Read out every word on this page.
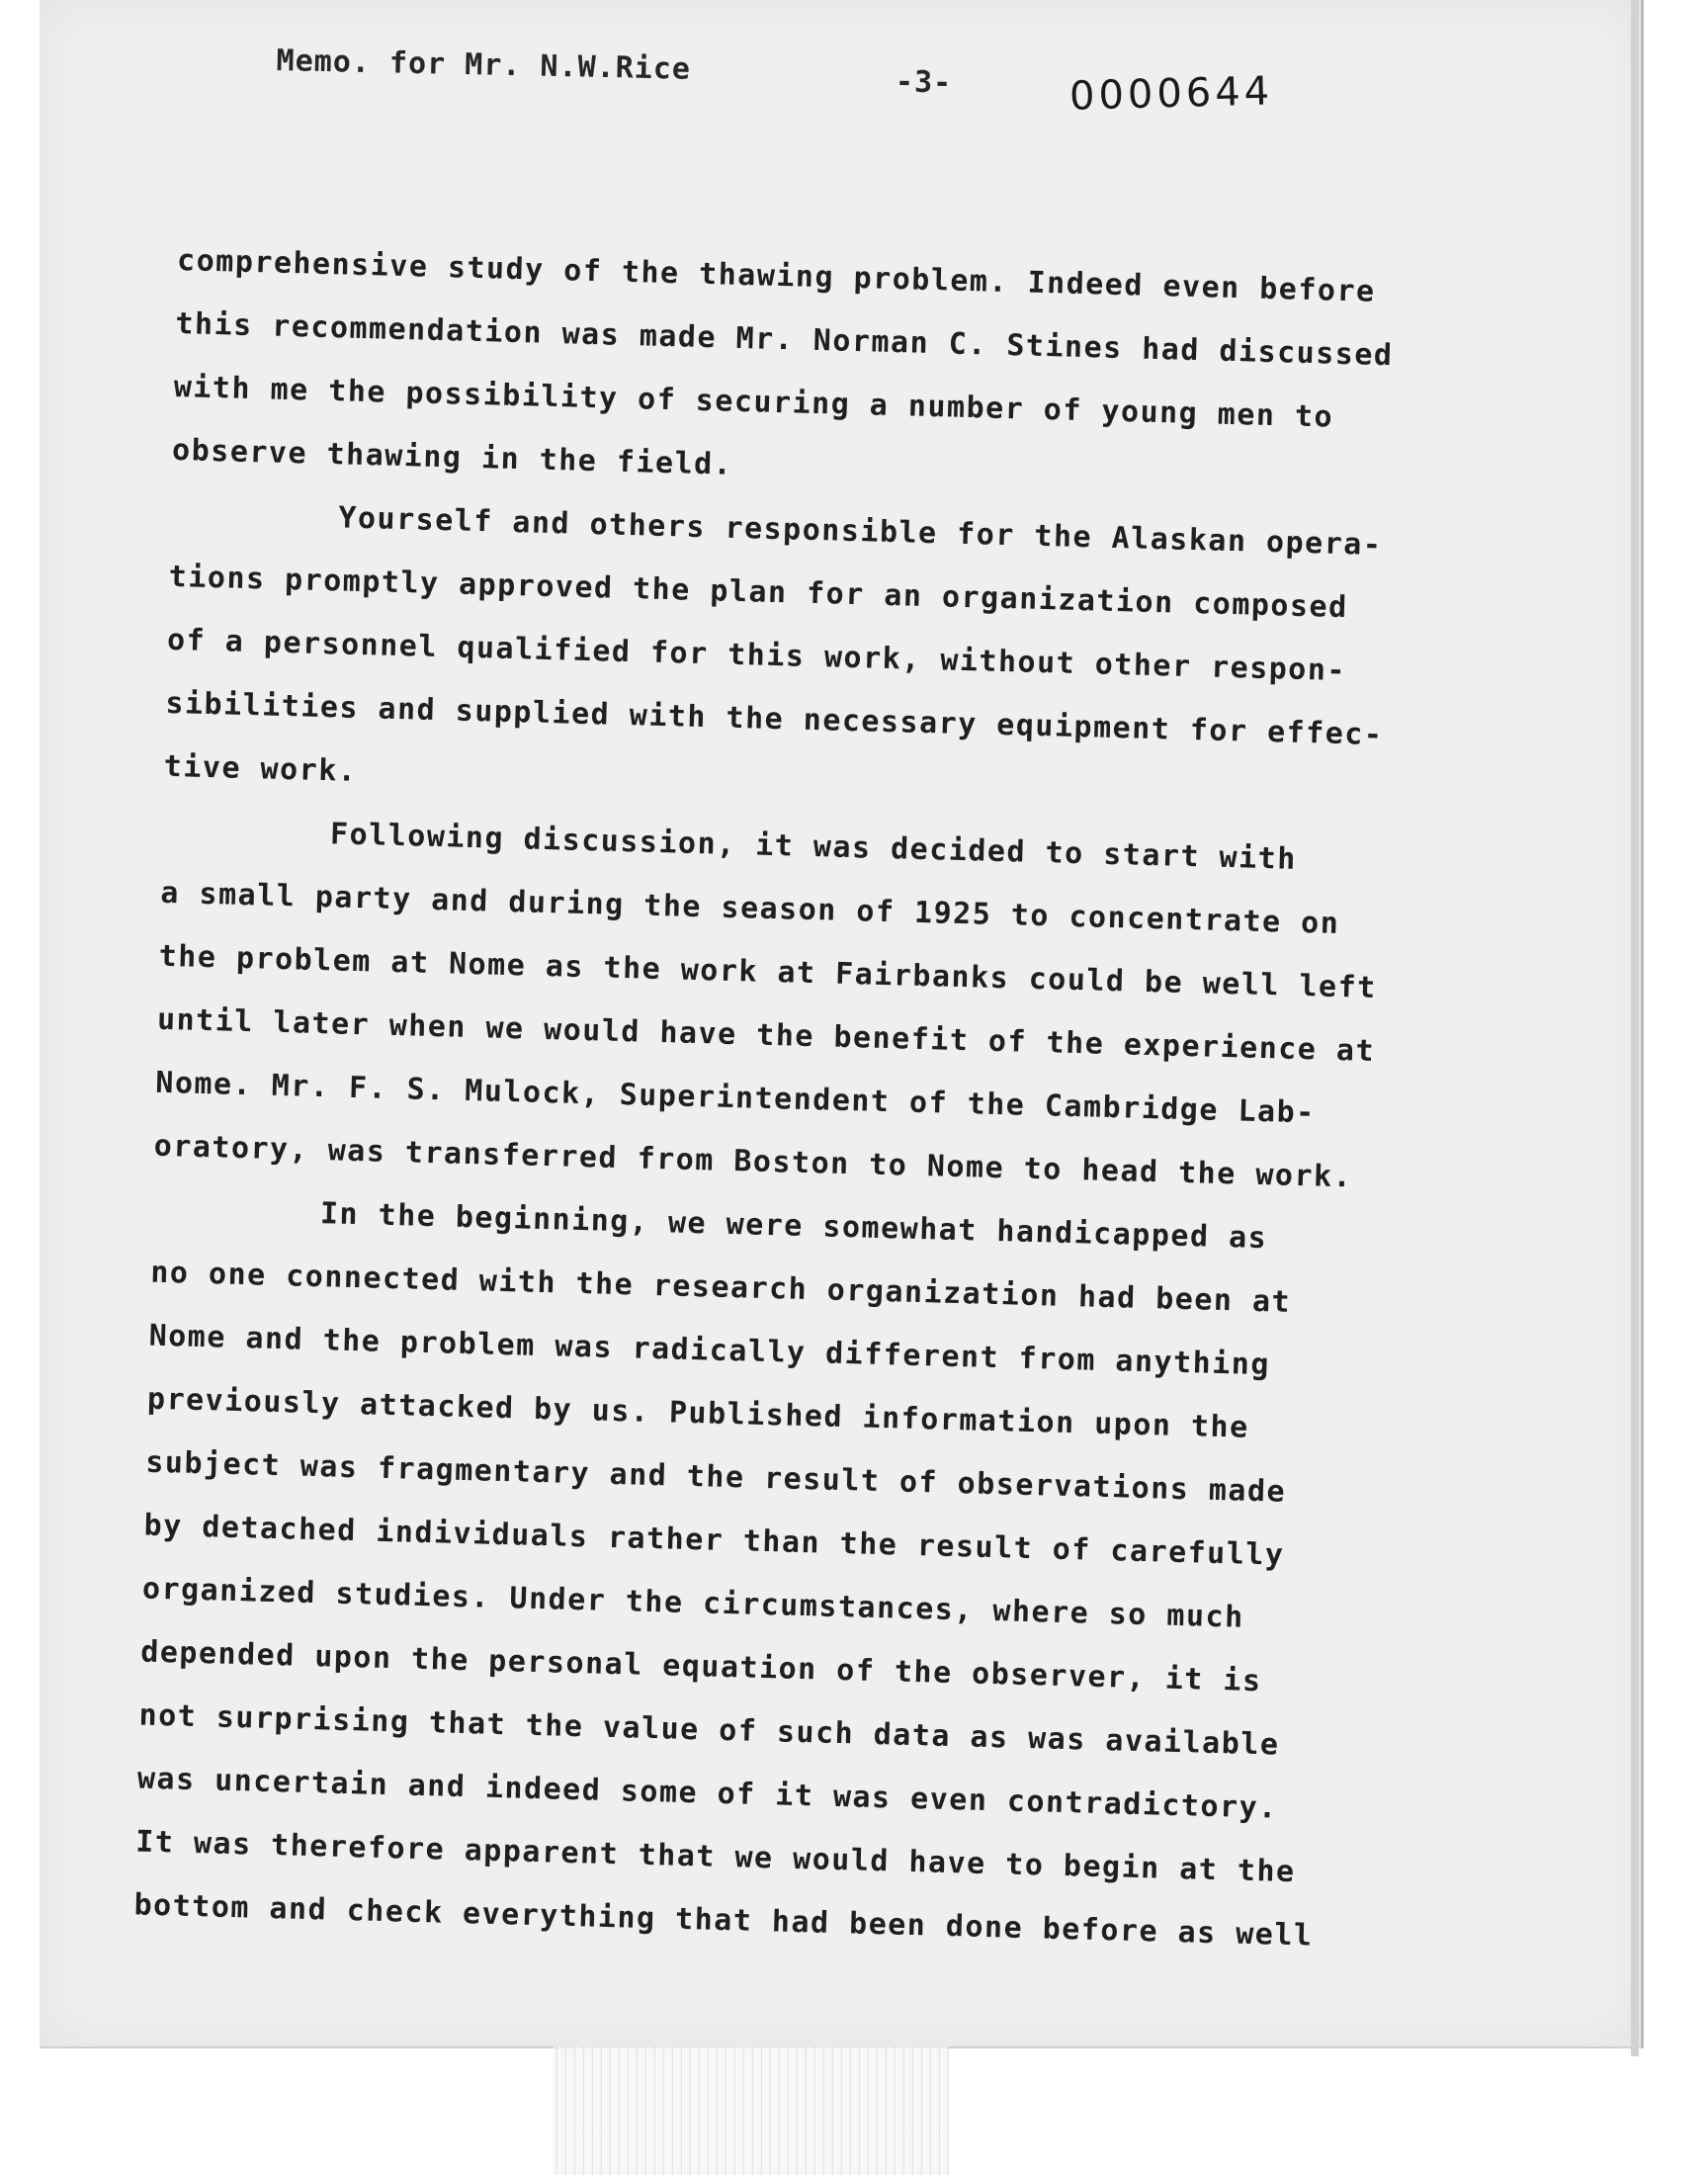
Memo. for Mr. N.W.Rice	-3-	0000644
comprehensive study of the thawing problem. Indeed even before
this recommendation was made Mr. Norman C. Stines had discussed
with me the possibility of securing a number of young men to
observe thawing in the field.
Yourself and others responsible for the Alaskan opera-
tions promptly approved the plan for an organization composed
of a personnel qualified for this work, without other respon-
sibilities and supplied with the necessary equipment for effec-
tive work.
Following discussion, it was decided to start with
a small party and during the season of 1925 to concentrate on
the problem at Nome as the work at Fairbanks could be well left
until later when we would have the benefit of the experience at
Nome. Mr. F. S. Mulock, Superintendent of the Cambridge Lab-
oratory, was transferred from Boston to Nome to head the work.
In the beginning, we were somewhat handicapped as
no one connected with the research organization had been at
Nome and the problem was radically different from anything
previously attacked by us. Published information upon the
subject was fragmentary and the result of observations made
by detached individuals rather than the result of carefully
organized studies. Under the circumstances, where so much
depended upon the personal equation of the observer, it is
not surprising that the value of such data as was available
was uncertain and indeed some of it was even contradictory.
It was therefore apparent that we would have to begin at the
bottom and check everything that had been done before as well
